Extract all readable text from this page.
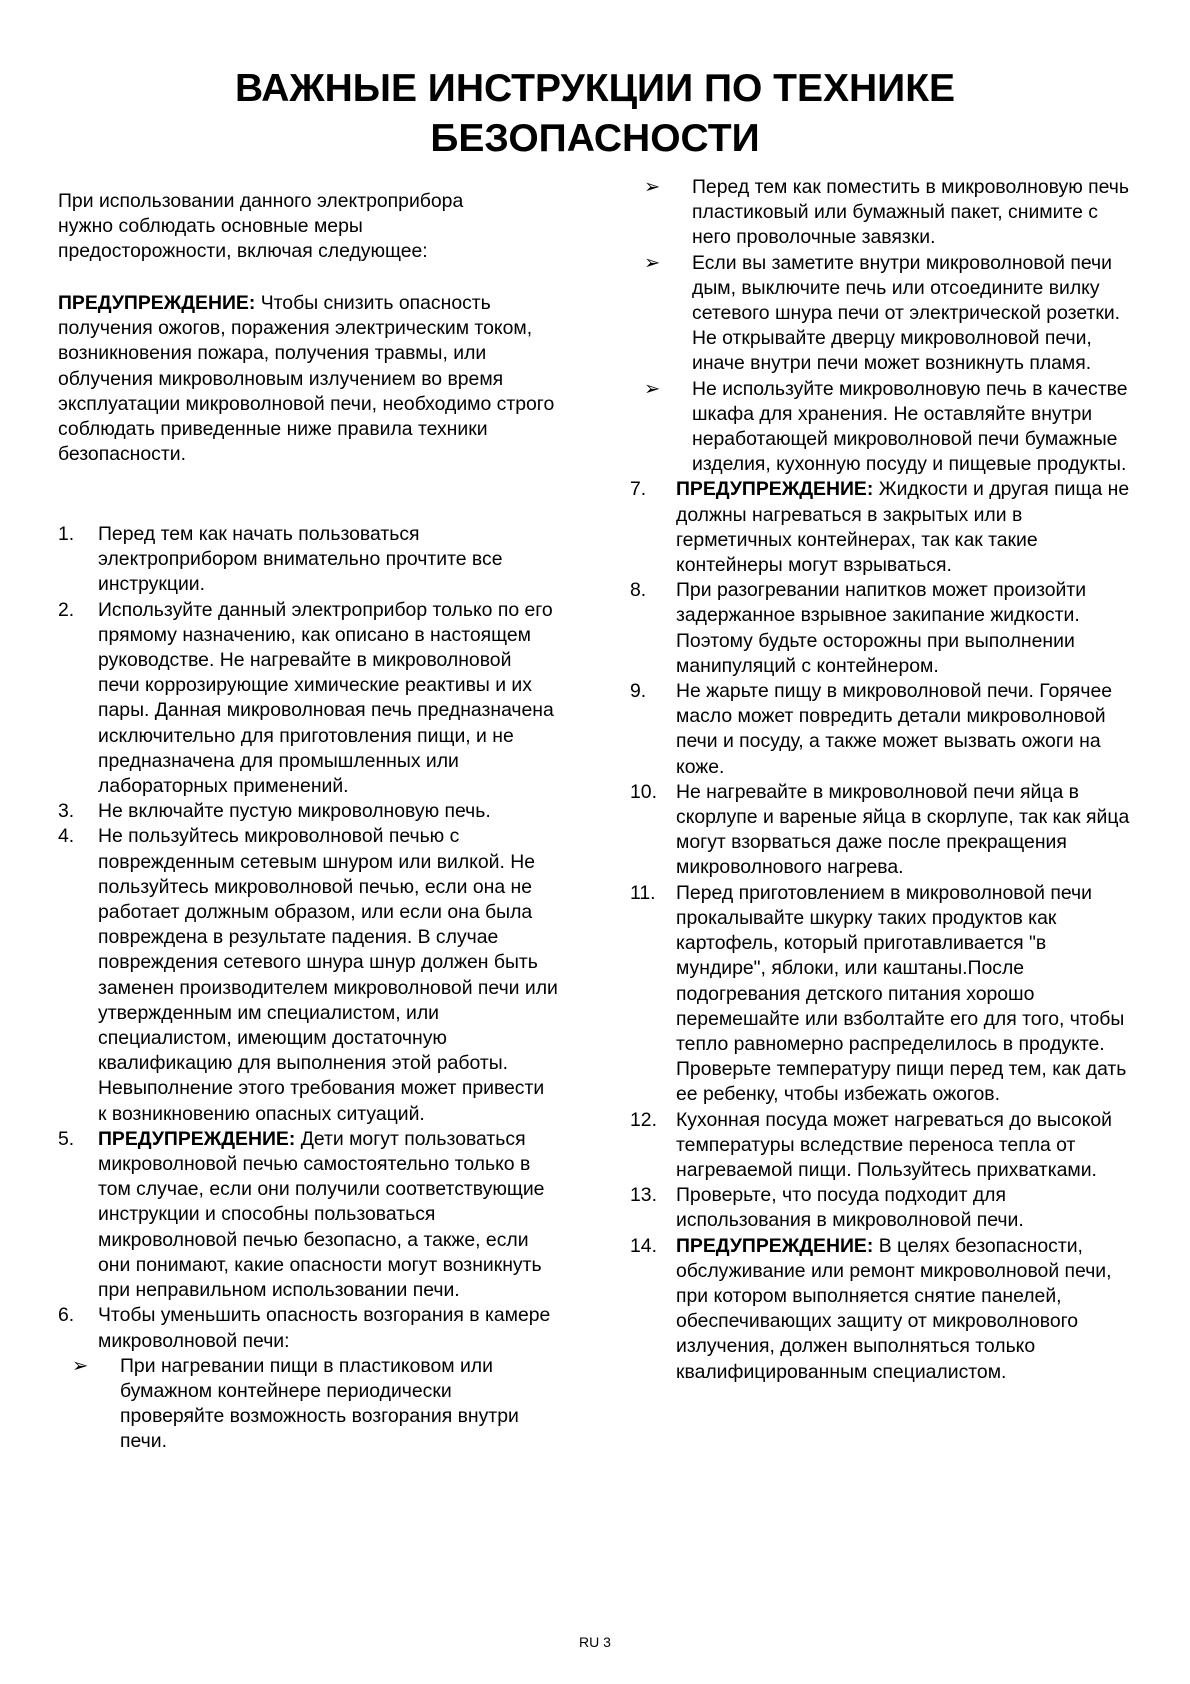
ВАЖНЫЕ ИНСТРУКЦИИ ПО ТЕХНИКЕ
БЕЗОПАСНОСТИ

При использовании данного электроприбора нужно соблюдать основные меры предосторожности, включая следующее:

ПРЕДУПРЕЖДЕНИЕ: Чтобы снизить опасность получения ожогов, поражения электрическим током, возникновения пожара, получения травмы, или облучения микроволновым излучением во время эксплуатации микроволновой печи, необходимо строго соблюдать приведенные ниже правила техники безопасности.

1. Перед тем как начать пользоваться электроприбором внимательно прочтите все инструкции.
2. Используйте данный электроприбор только по его прямому назначению, как описано в настоящем руководстве. Не нагревайте в микроволновой печи коррозирующие химические реактивы и их пары. Данная микроволновая печь предназначена исключительно для приготовления пищи, и не предназначена для промышленных или лабораторных применений.
3. Не включайте пустую микроволновую печь.
4. Не пользуйтесь микроволновой печью с поврежденным сетевым шнуром или вилкой. Не пользуйтесь микроволновой печью, если она не работает должным образом, или если она была повреждена в результате падения. В случае повреждения сетевого шнура шнур должен быть заменен производителем микроволновой печи или утвержденным им специалистом, или специалистом, имеющим достаточную квалификацию для выполнения этой работы. Невыполнение этого требования может привести к возникновению опасных ситуаций.
5. ПРЕДУПРЕЖДЕНИЕ: Дети могут пользоваться микроволновой печью самостоятельно только в том случае, если они получили соответствующие инструкции и способны пользоваться микроволновой печью безопасно, а также, если они понимают, какие опасности могут возникнуть при неправильном использовании печи.
6. Чтобы уменьшить опасность возгорания в камере микроволновой печи:
➢ При нагревании пищи в пластиковом или бумажном контейнере периодически проверяйте возможность возгорания внутри печи.
➢ Перед тем как поместить в микроволновую печь пластиковый или бумажный пакет, снимите с него проволочные завязки.
➢ Если вы заметите внутри микроволновой печи дым, выключите печь или отсоедините вилку сетевого шнура печи от электрической розетки. Не открывайте дверцу микроволновой печи, иначе внутри печи может возникнуть пламя.
➢ Не используйте микроволновую печь в качестве шкафа для хранения. Не оставляйте внутри неработающей микроволновой печи бумажные изделия, кухонную посуду и пищевые продукты.
7. ПРЕДУПРЕЖДЕНИЕ: Жидкости и другая пища не должны нагреваться в закрытых или в герметичных контейнерах, так как такие контейнеры могут взрываться.
8. При разогревании напитков может произойти задержанное взрывное закипание жидкости. Поэтому будьте осторожны при выполнении манипуляций с контейнером.
9. Не жарьте пищу в микроволновой печи. Горячее масло может повредить детали микроволновой печи и посуду, а также может вызвать ожоги на коже.
10. Не нагревайте в микроволновой печи яйца в скорлупе и вареные яйца в скорлупе, так как яйца могут взорваться даже после прекращения микроволнового нагрева.
11. Перед приготовлением в микроволновой печи прокалывайте шкурку таких продуктов как картофель, который приготавливается "в мундире", яблоки, или каштаны.После подогревания детского питания хорошо перемешайте или взболтайте его для того, чтобы тепло равномерно распределилось в продукте. Проверьте температуру пищи перед тем, как дать ее ребенку, чтобы избежать ожогов.
12. Кухонная посуда может нагреваться до высокой температуры вследствие переноса тепла от нагреваемой пищи. Пользуйтесь прихватками.
13. Проверьте, что посуда подходит для использования в микроволновой печи.
14. ПРЕДУПРЕЖДЕНИЕ: В целях безопасности, обслуживание или ремонт микроволновой печи, при котором выполняется снятие панелей, обеспечивающих защиту от микроволнового излучения, должен выполняться только квалифицированным специалистом.
RU 3
